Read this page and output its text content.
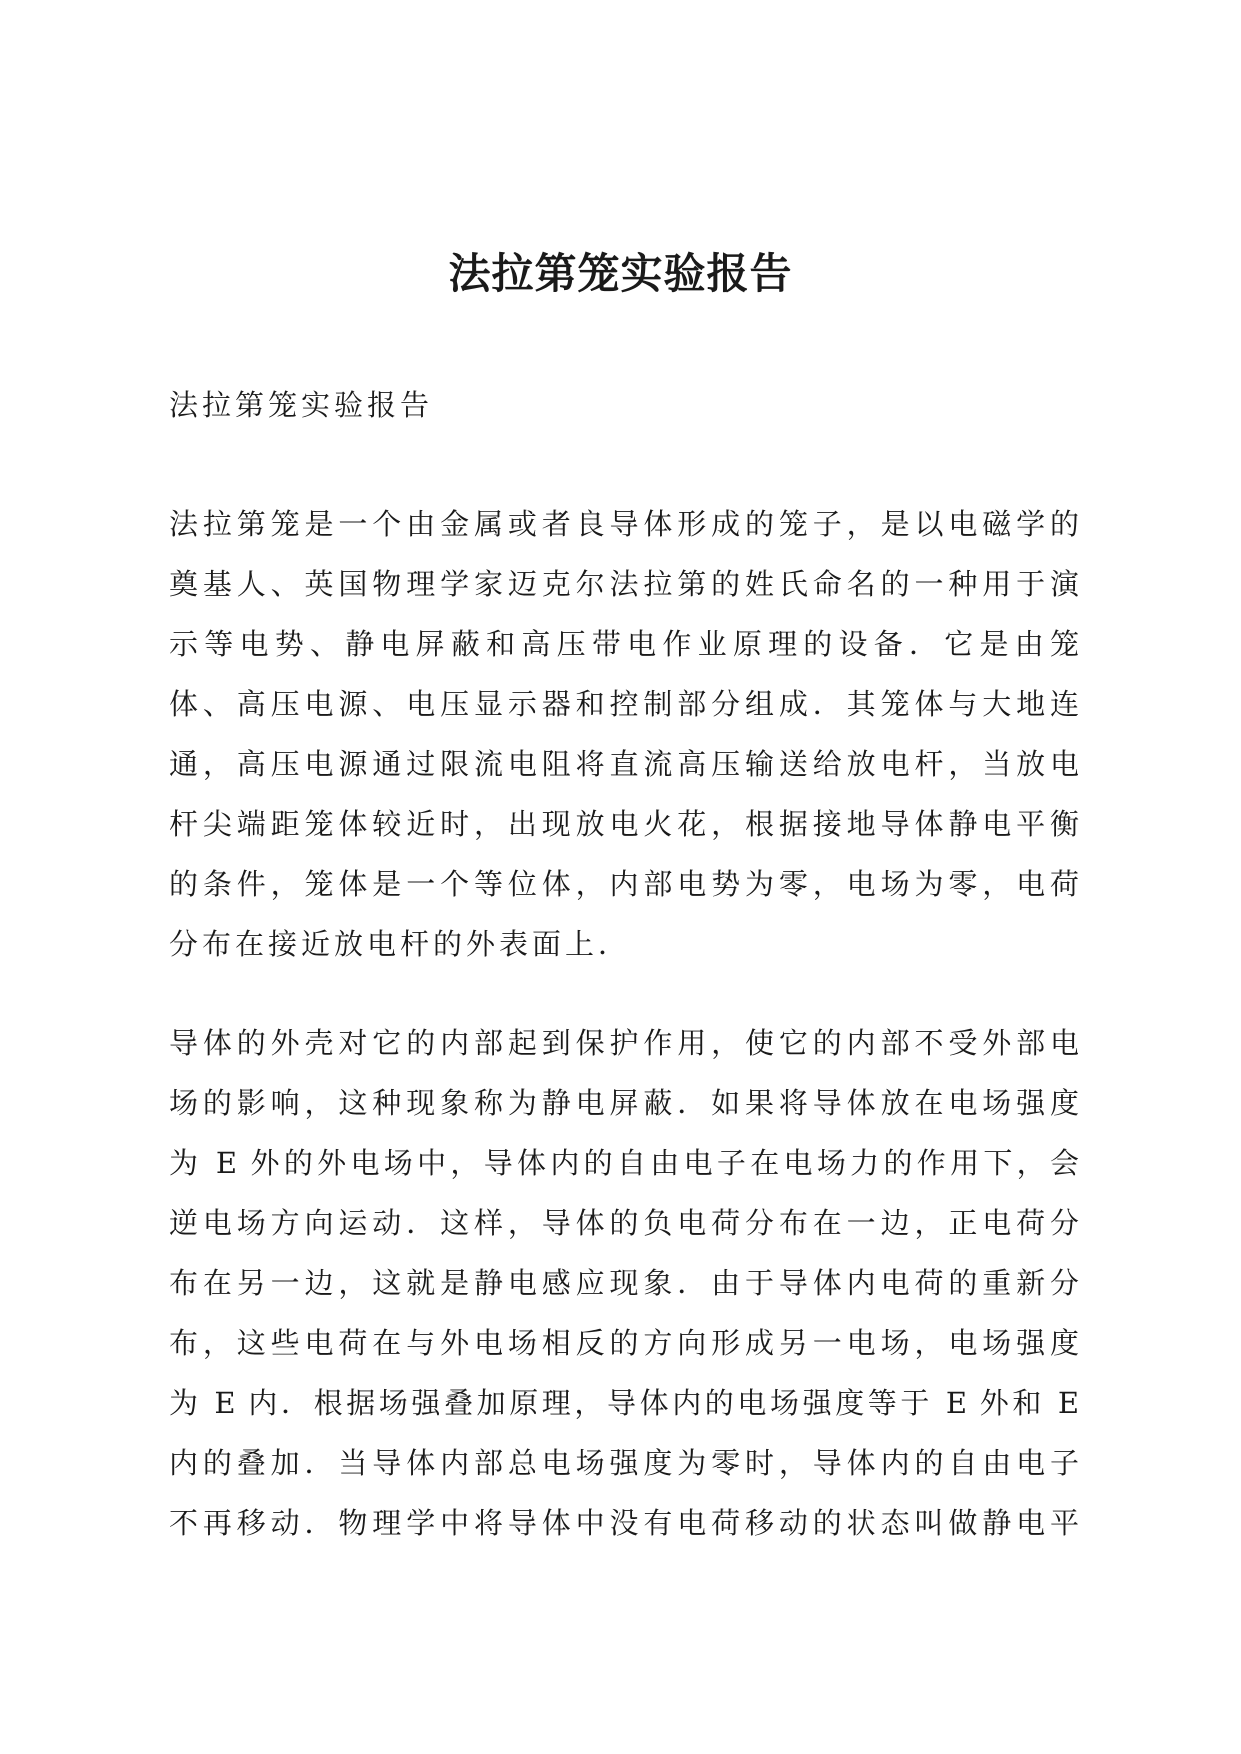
法拉第笼实验报告

法拉第笼实验报告

法拉第笼是一个由金属或者良导体形成的笼子，是以电磁学的
奠基人、英国物理学家迈克尔法拉第的姓氏命名的一种用于演
示等电势、静电屏蔽和高压带电作业原理的设备．它是由笼
体、高压电源、电压显示器和控制部分组成．其笼体与大地连
通，高压电源通过限流电阻将直流高压输送给放电杆，当放电
杆尖端距笼体较近时，出现放电火花，根据接地导体静电平衡
的条件，笼体是一个等位体，内部电势为零，电场为零，电荷
分布在接近放电杆的外表面上．
导体的外壳对它的内部起到保护作用，使它的内部不受外部电
场的影响，这种现象称为静电屏蔽．如果将导体放在电场强度
为 E 外的外电场中，导体内的自由电子在电场力的作用下，会
逆电场方向运动．这样，导体的负电荷分布在一边，正电荷分
布在另一边，这就是静电感应现象．由于导体内电荷的重新分
布，这些电荷在与外电场相反的方向形成另一电场，电场强度
为 E 内．根据场强叠加原理，导体内的电场强度等于 E 外和 E
内的叠加．当导体内部总电场强度为零时，导体内的自由电子
不再移动．物理学中将导体中没有电荷移动的状态叫做静电平
